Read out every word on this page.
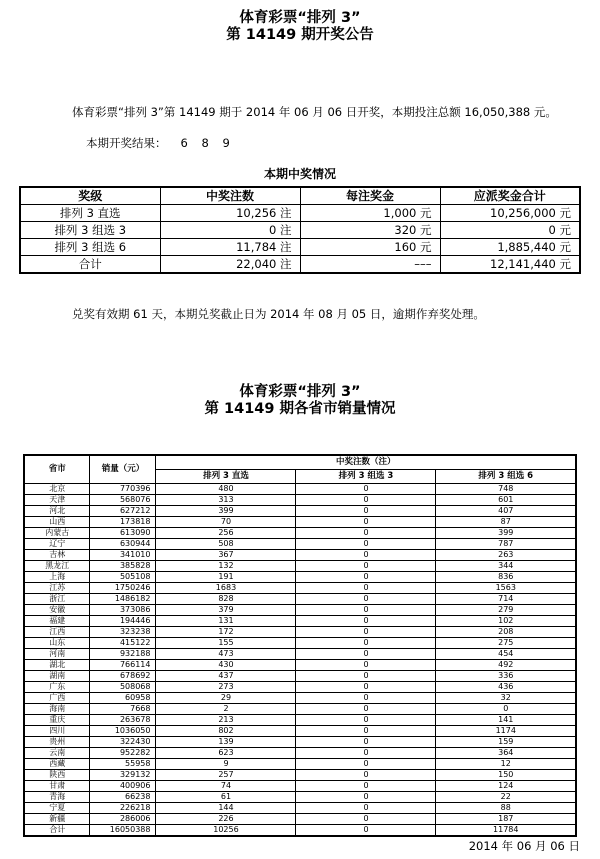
体育彩票“排列 3”
第 14149 期开奖公告

体育彩票“排列 3”第 14149 期于 2014 年 06 月 06 日开奖，本期投注总额 16,050,388 元。

本期开奖结果： 6 8 9

本期中奖情况
奖级	中奖注数	每注奖金	应派奖金合计
排列 3 直选	10,256 注	1,000 元	10,256,000 元
排列 3 组选 3	0 注	320 元	0 元
排列 3 组选 6	11,784 注	160 元	1,885,440 元
合计	22,040 注	–––	12,141,440 元

兑奖有效期 61 天，本期兑奖截止日为 2014 年 08 月 05 日，逾期作弃奖处理。

体育彩票“排列 3”
第 14149 期各省市销量情况
省市	销量（元）	中奖注数（注）		
		排列 3 直选	排列 3 组选 3	排列 3 组选 6
北京	770396	480	0	748
天津	568076	313	0	601
河北	627212	399	0	407
山西	173818	70	0	87
内蒙古	613090	256	0	399
辽宁	630944	508	0	787
吉林	341010	367	0	263
黑龙江	385828	132	0	344
上海	505108	191	0	836
江苏	1750246	1683	0	1563
浙江	1486182	828	0	714
安徽	373086	379	0	279
福建	194446	131	0	102
江西	323238	172	0	208
山东	415122	155	0	275
河南	932188	473	0	454
湖北	766114	430	0	492
湖南	678692	437	0	336
广东	508068	273	0	436
广西	60958	29	0	32
海南	7668	2	0	0
重庆	263678	213	0	141
四川	1036050	802	0	1174
贵州	322430	139	0	159
云南	952282	623	0	364
西藏	55958	9	0	12
陕西	329132	257	0	150
甘肃	400906	74	0	124
青海	66238	61	0	22
宁夏	226218	144	0	88
新疆	286006	226	0	187
合计	16050388	10256	0	11784
2014 年 06 月 06 日
